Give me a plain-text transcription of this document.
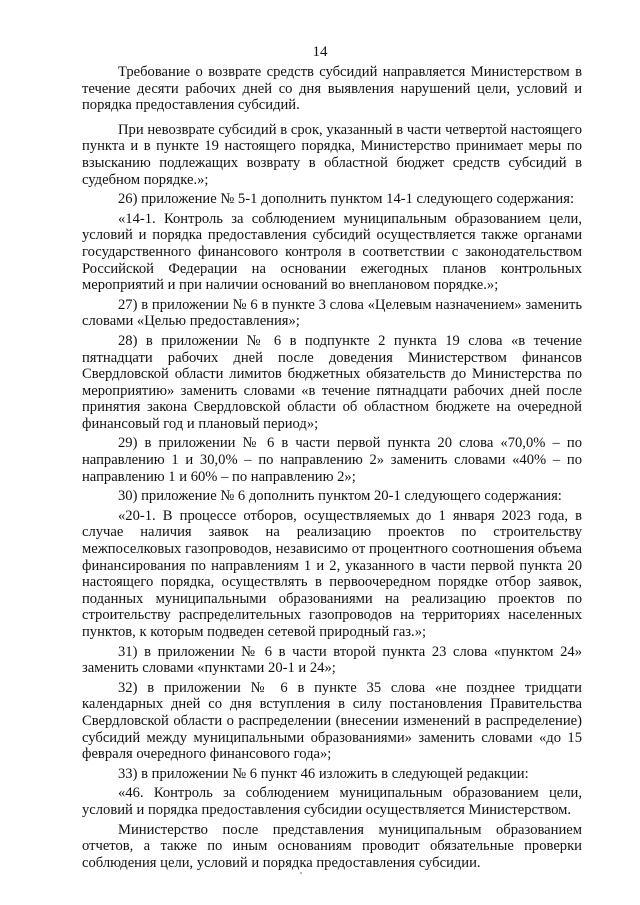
14

Требование о возврате средств субсидий направляется Министерством в течение десяти рабочих дней со дня выявления нарушений цели, условий и порядка предоставления субсидий.

При невозврате субсидий в срок, указанный в части четвертой настоящего пункта и в пункте 19 настоящего порядка, Министерство принимает меры по взысканию подлежащих возврату в областной бюджет средств субсидий в судебном порядке.»;

26) приложение № 5-1 дополнить пунктом 14-1 следующего содержания:

«14-1. Контроль за соблюдением муниципальным образованием цели, условий и порядка предоставления субсидий осуществляется также органами государственного финансового контроля в соответствии с законодательством Российской Федерации на основании ежегодных планов контрольных мероприятий и при наличии оснований во внеплановом порядке.»;

27) в приложении № 6 в пункте 3 слова «Целевым назначением» заменить словами «Целью предоставления»;

28) в приложении № 6 в подпункте 2 пункта 19 слова «в течение пятнадцати рабочих дней после доведения Министерством финансов Свердловской области лимитов бюджетных обязательств до Министерства по мероприятию» заменить словами «в течение пятнадцати рабочих дней после принятия закона Свердловской области об областном бюджете на очередной финансовый год и плановый период»;

29) в приложении № 6 в части первой пункта 20 слова «70,0% – по направлению 1 и 30,0% – по направлению 2» заменить словами «40% – по направлению 1 и 60% – по направлению 2»;

30) приложение № 6 дополнить пунктом 20-1 следующего содержания:

«20-1. В процессе отборов, осуществляемых до 1 января 2023 года, в случае наличия заявок на реализацию проектов по строительству межпоселковых газопроводов, независимо от процентного соотношения объема финансирования по направлениям 1 и 2, указанного в части первой пункта 20 настоящего порядка, осуществлять в первоочередном порядке отбор заявок, поданных муниципальными образованиями на реализацию проектов по строительству распределительных газопроводов на территориях населенных пунктов, к которым подведен сетевой природный газ.»;

31) в приложении № 6 в части второй пункта 23 слова «пунктом 24» заменить словами «пунктами 20-1 и 24»;

32) в приложении № 6 в пункте 35 слова «не позднее тридцати календарных дней со дня вступления в силу постановления Правительства Свердловской области о распределении (внесении изменений в распределение) субсидий между муниципальными образованиями» заменить словами «до 15 февраля очередного финансового года»;

33) в приложении № 6 пункт 46 изложить в следующей редакции:

«46. Контроль за соблюдением муниципальным образованием цели, условий и порядка предоставления субсидии осуществляется Министерством.

Министерство после представления муниципальным образованием отчетов, а также по иным основаниям проводит обязательные проверки соблюдения цели, условий и порядка предоставления субсидии.
